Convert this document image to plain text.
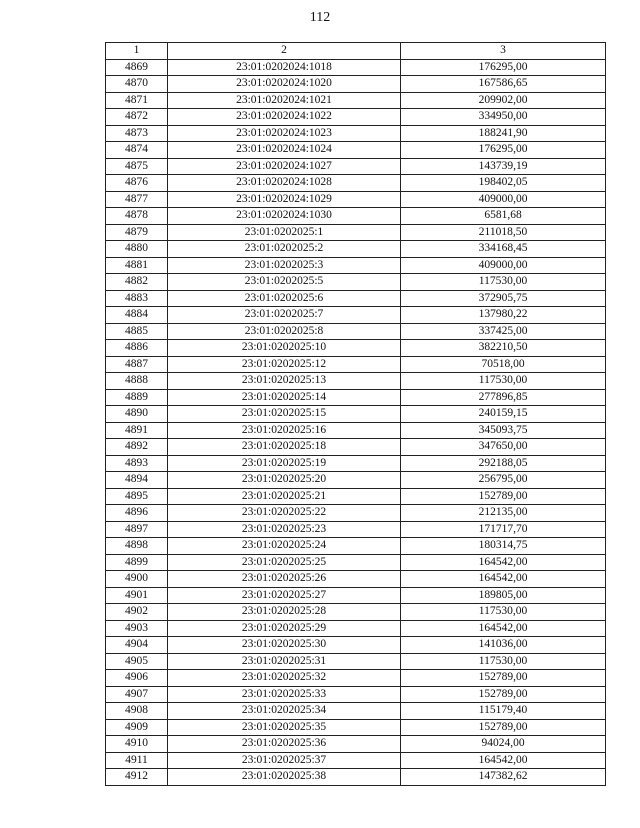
112
1	2	3
4869	23:01:0202024:1018	176295,00
4870	23:01:0202024:1020	167586,65
4871	23:01:0202024:1021	209902,00
4872	23:01:0202024:1022	334950,00
4873	23:01:0202024:1023	188241,90
4874	23:01:0202024:1024	176295,00
4875	23:01:0202024:1027	143739,19
4876	23:01:0202024:1028	198402,05
4877	23:01:0202024:1029	409000,00
4878	23:01:0202024:1030	6581,68
4879	23:01:0202025:1	211018,50
4880	23:01:0202025:2	334168,45
4881	23:01:0202025:3	409000,00
4882	23:01:0202025:5	117530,00
4883	23:01:0202025:6	372905,75
4884	23:01:0202025:7	137980,22
4885	23:01:0202025:8	337425,00
4886	23:01:0202025:10	382210,50
4887	23:01:0202025:12	70518,00
4888	23:01:0202025:13	117530,00
4889	23:01:0202025:14	277896,85
4890	23:01:0202025:15	240159,15
4891	23:01:0202025:16	345093,75
4892	23:01:0202025:18	347650,00
4893	23:01:0202025:19	292188,05
4894	23:01:0202025:20	256795,00
4895	23:01:0202025:21	152789,00
4896	23:01:0202025:22	212135,00
4897	23:01:0202025:23	171717,70
4898	23:01:0202025:24	180314,75
4899	23:01:0202025:25	164542,00
4900	23:01:0202025:26	164542,00
4901	23:01:0202025:27	189805,00
4902	23:01:0202025:28	117530,00
4903	23:01:0202025:29	164542,00
4904	23:01:0202025:30	141036,00
4905	23:01:0202025:31	117530,00
4906	23:01:0202025:32	152789,00
4907	23:01:0202025:33	152789,00
4908	23:01:0202025:34	115179,40
4909	23:01:0202025:35	152789,00
4910	23:01:0202025:36	94024,00
4911	23:01:0202025:37	164542,00
4912	23:01:0202025:38	147382,62
